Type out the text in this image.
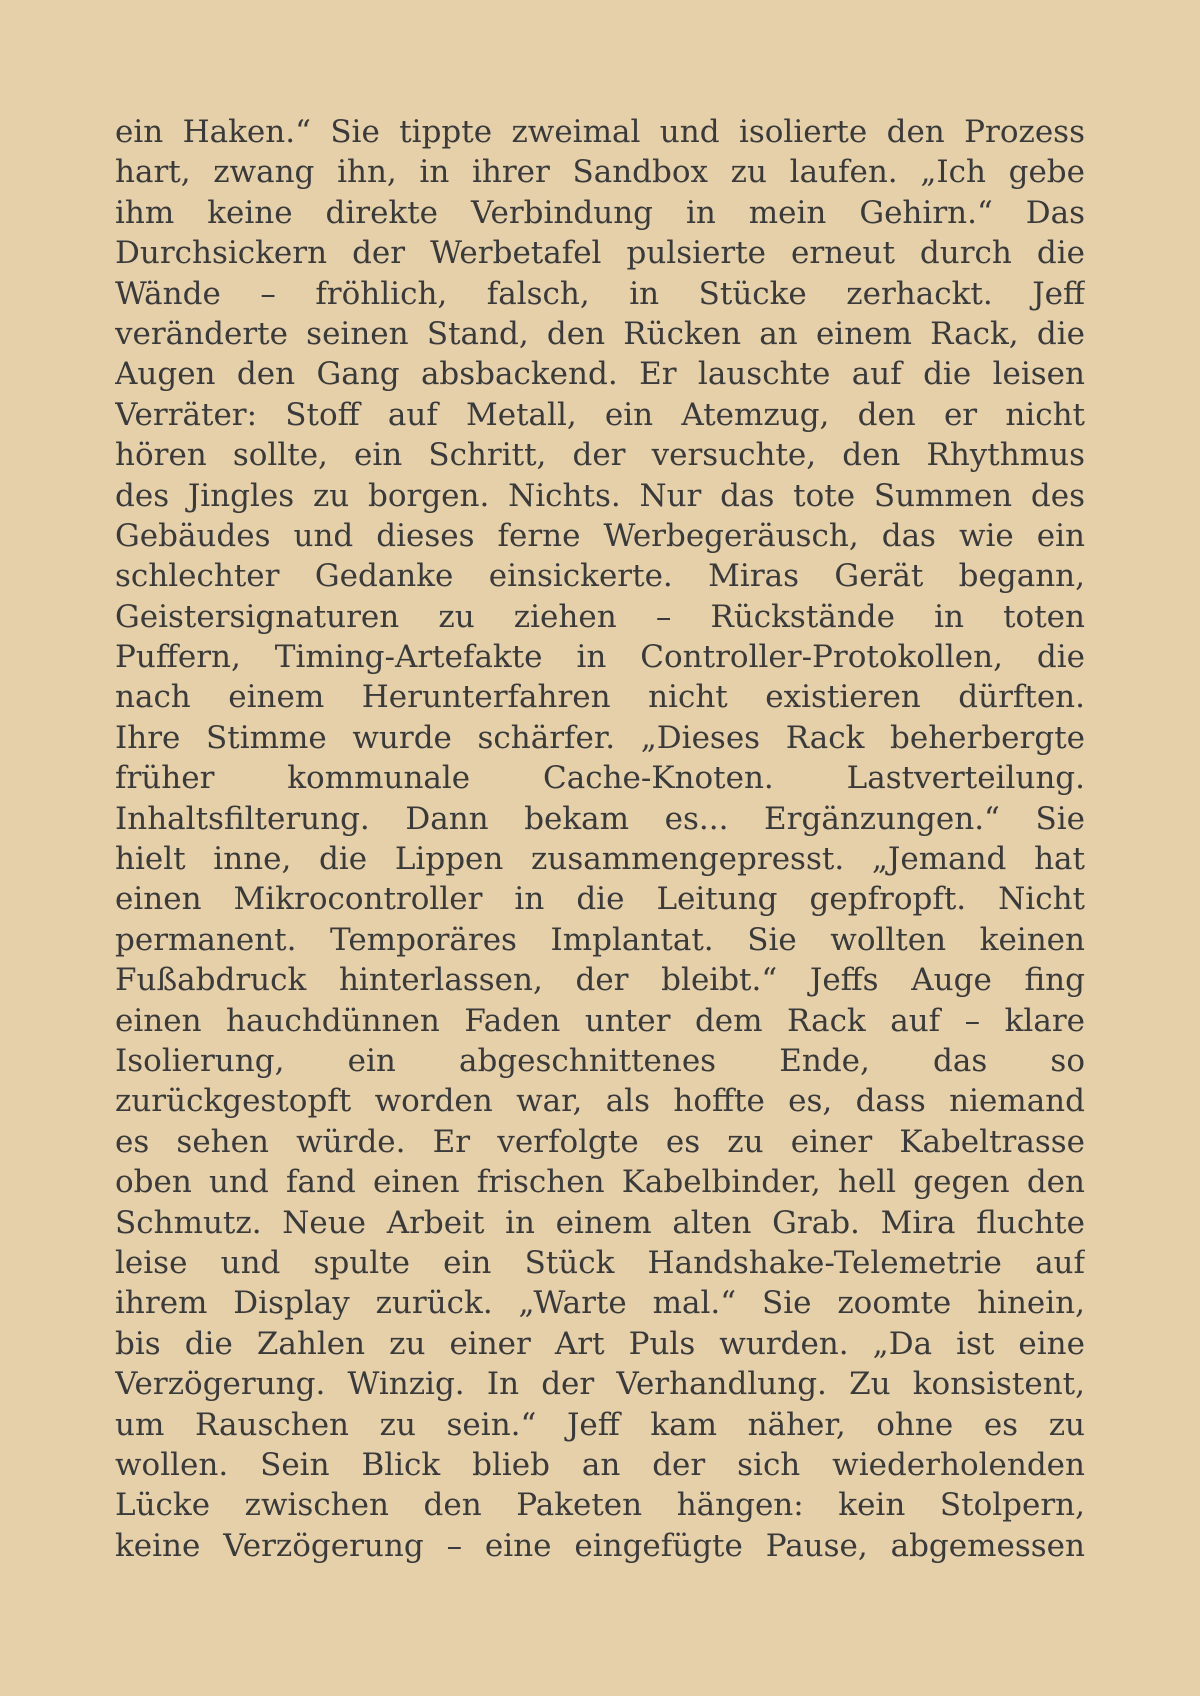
ein Haken.“ Sie tippte zweimal und isolierte den Prozess
hart, zwang ihn, in ihrer Sandbox zu laufen. „Ich gebe
ihm keine direkte Verbindung in mein Gehirn.“ Das
Durchsickern der Werbetafel pulsierte erneut durch die
Wände – fröhlich, falsch, in Stücke zerhackt. Jeff
veränderte seinen Stand, den Rücken an einem Rack, die
Augen den Gang absbackend. Er lauschte auf die leisen
Verräter: Stoff auf Metall, ein Atemzug, den er nicht
hören sollte, ein Schritt, der versuchte, den Rhythmus
des Jingles zu borgen. Nichts. Nur das tote Summen des
Gebäudes und dieses ferne Werbegeräusch, das wie ein
schlechter Gedanke einsickerte. Miras Gerät begann,
Geistersignaturen zu ziehen – Rückstände in toten
Puffern, Timing-Artefakte in Controller-Protokollen, die
nach einem Herunterfahren nicht existieren dürften.
Ihre Stimme wurde schärfer. „Dieses Rack beherbergte
früher kommunale Cache-Knoten. Lastverteilung.
Inhaltsfilterung. Dann bekam es... Ergänzungen.“ Sie
hielt inne, die Lippen zusammengepresst. „Jemand hat
einen Mikrocontroller in die Leitung gepfropft. Nicht
permanent. Temporäres Implantat. Sie wollten keinen
Fußabdruck hinterlassen, der bleibt.“ Jeffs Auge fing
einen hauchdünnen Faden unter dem Rack auf – klare
Isolierung, ein abgeschnittenes Ende, das so
zurückgestopft worden war, als hoffte es, dass niemand
es sehen würde. Er verfolgte es zu einer Kabeltrasse
oben und fand einen frischen Kabelbinder, hell gegen den
Schmutz. Neue Arbeit in einem alten Grab. Mira fluchte
leise und spulte ein Stück Handshake-Telemetrie auf
ihrem Display zurück. „Warte mal.“ Sie zoomte hinein,
bis die Zahlen zu einer Art Puls wurden. „Da ist eine
Verzögerung. Winzig. In der Verhandlung. Zu konsistent,
um Rauschen zu sein.“ Jeff kam näher, ohne es zu
wollen. Sein Blick blieb an der sich wiederholenden
Lücke zwischen den Paketen hängen: kein Stolpern,
keine Verzögerung – eine eingefügte Pause, abgemessen
